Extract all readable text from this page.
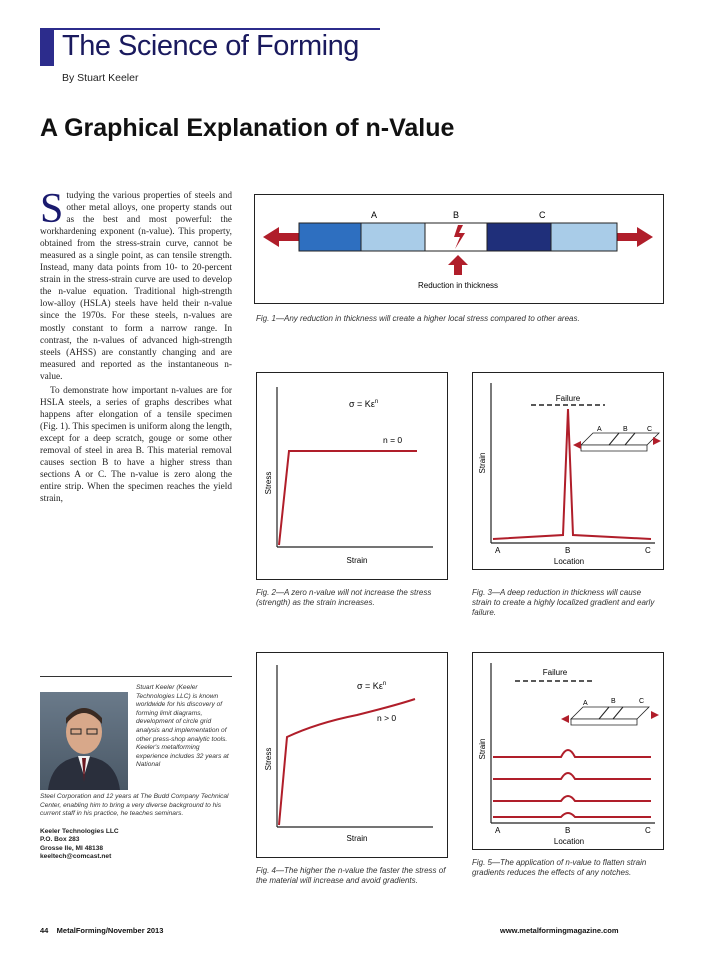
The Science of Forming
By Stuart Keeler
A Graphical Explanation of n-Value

Studying the various properties of steels and other metal alloys, one property stands out as the best and most powerful: the workhardening exponent (n-value). This property, obtained from the stress-strain curve, cannot be measured as a single point, as can tensile strength. Instead, many data points from 10- to 20-percent strain in the stress-strain curve are used to develop the n-value equation. Traditional high-strength low-alloy (HSLA) steels have held their n-value since the 1970s. For these steels, n-values are mostly constant to form a narrow range. In contrast, the n-values of advanced high-strength steels (AHSS) are constantly changing and are measured and reported as the instantaneous n-value.

To demonstrate how important n-values are for HSLA steels, a series of graphs describes what happens after elongation of a tensile specimen (Fig. 1). This specimen is uniform along the length, except for a deep scratch, gouge or some other removal of steel in area B. This material removal causes section B to have a higher stress than sections A or C. The n-value is zero along the entire strip. When the specimen reaches the yield strain,

Stuart Keeler (Keeler Technologies LLC) is known worldwide for his discovery of forming limit diagrams, development of circle grid analysis and implementation of other press-shop analytic tools. Keeler's metalforming experience includes 32 years at National
Steel Corporation and 12 years at The Budd Company Technical Center, enabling him to bring a very diverse background to his current staff in his practice, he teaches seminars.
Keeler Technologies LLC
P.O. Box 283
Grosse Ile, MI 48138
keeltech@comcast.net
A	B	C
Reduction in thickness
Fig. 1—Any reduction in thickness will create a higher local stress compared to other areas.
$\sigma = K\varepsilon^n$
n = 0
Stress
Strain
Fig. 2—A zero n-value will not increase the stress (strength) as the strain increases.
Failure
A	B	C
Strain
A	B	C
Location
Fig. 3—A deep reduction in thickness will cause strain to create a highly localized gradient and early failure.
$\sigma = K\varepsilon^n$
n > 0
Stress
Strain
Fig. 4—The higher the n-value the faster the stress of the material will increase and avoid gradients.
Failure
A	B	C
Strain
A	B	C
Location
Fig. 5—The application of n-value to flatten strain gradients reduces the effects of any notches.
44    MetalForming/November 2013	www.metalformingmagazine.com
